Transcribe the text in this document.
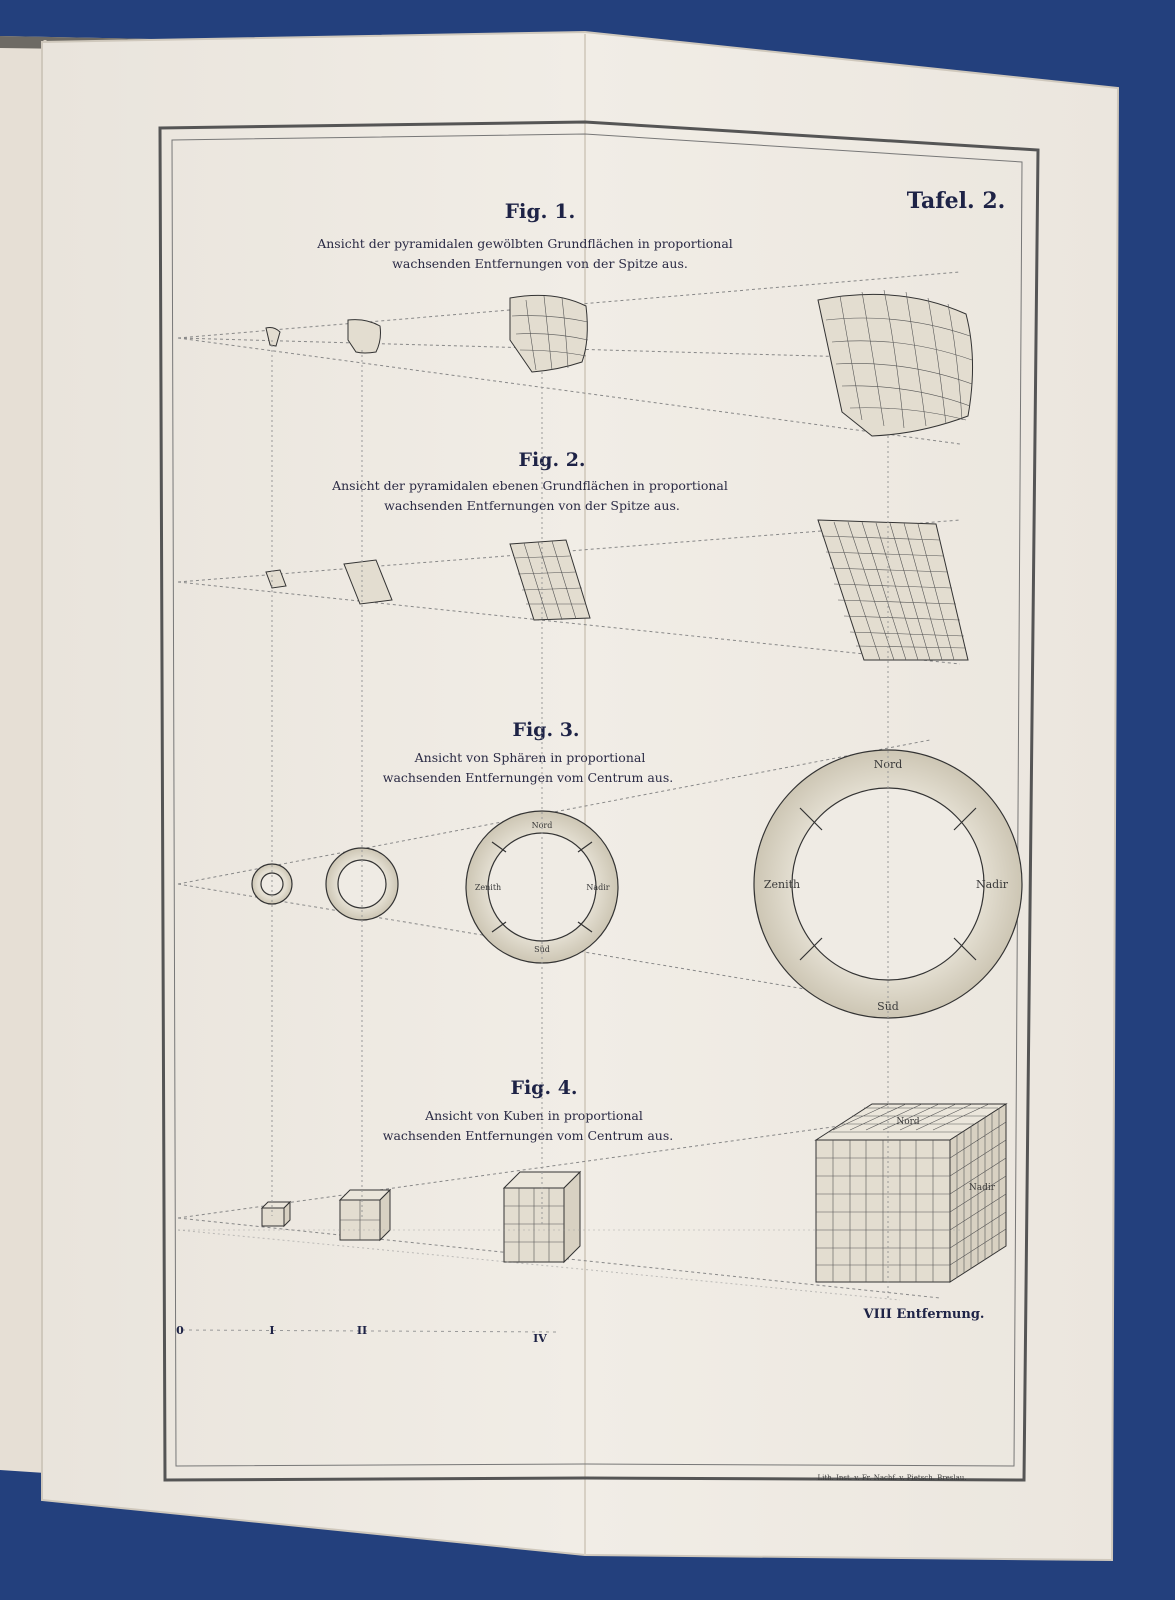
Tafel. 2.
Fig. 1.
Ansicht der pyramidalen gewölbten Grundflächen in proportional
wachsenden Entfernungen von der Spitze aus.
Fig. 2.
Ansicht der pyramidalen ebenen Grundflächen in proportional
wachsenden Entfernungen von der Spitze aus.
Fig. 3.
Ansicht von Sphären in proportional
wachsenden Entfernungen vom Centrum aus.
Nord
Zenith	Nadir
Süd
Nord
Zenith	Nadir
Süd
Fig. 4.
Ansicht von Kuben in proportional
wachsenden Entfernungen vom Centrum aus.
Nord
Nadir
0	I	II
IV
VIII Entfernung.
Lith. Inst. v. Fr. Nachf. v. Pietsch. Breslau.
